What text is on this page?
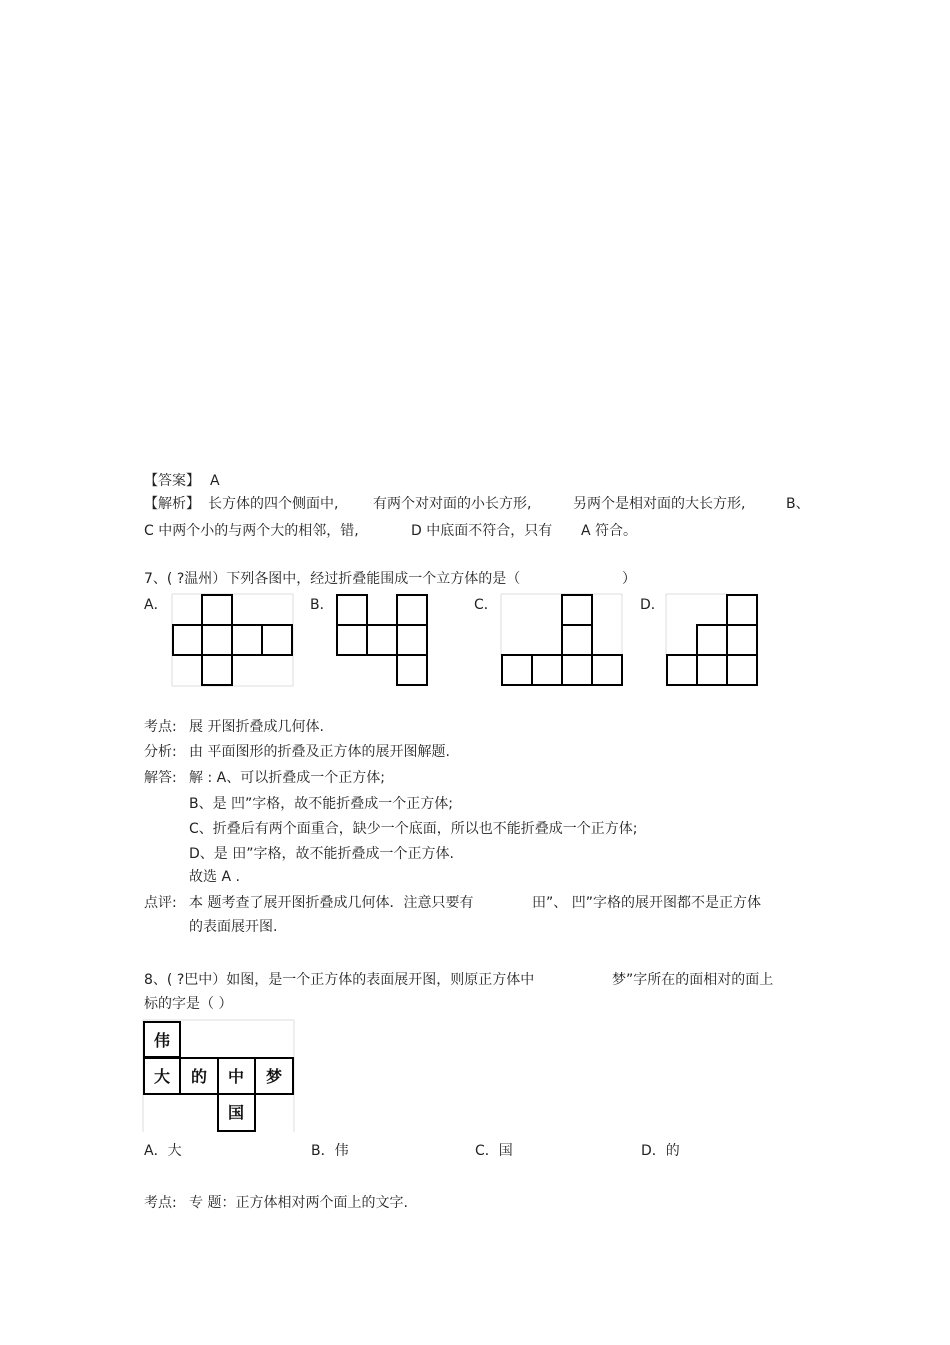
【答案】 A
【解析】 长方体的四个侧面中, 有两个对对面的小长方形,	另两个是相对面的大长方形,	B、
C 中两个小的与两个大的相邻，错,	D 中底面不符合，只有 A 符合。
7、( ?温州）下列各图中，经过折叠能围成一个立方体的是（	）
A．	B．	C．	D．
考点: 展 开图折叠成几何体.
分析: 由 平面图形的折叠及正方体的展开图解题.
解答: 解 : A、可以折叠成一个正方体;
B、是 凹”字格，故不能折叠成一个正方体;
C、折叠后有两个面重合，缺少一个底面，所以也不能折叠成一个正方体;
D、是 田”字格，故不能折叠成一个正方体.
故选 A .
点评: 本 题考查了展开图折叠成几何体．注意只要有	田”、 凹”字格的展开图都不是正方体
的表面展开图.
8、( ?巴中）如图，是一个正方体的表面展开图，则原正方体中	梦”字所在的面相对的面上
标的字是（ ）
伟
大 的 中 梦
国
A．大	B．伟	C．国	D．的
考点: 专 题：正方体相对两个面上的文字.
